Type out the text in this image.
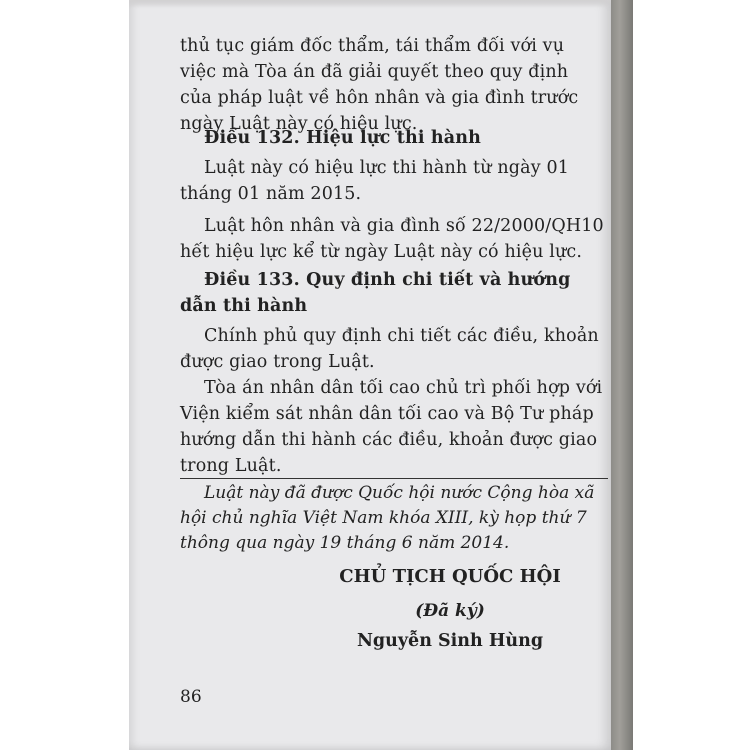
thủ tục giám đốc thẩm, tái thẩm đối với vụ việc mà Tòa án đã giải quyết theo quy định của pháp luật về hôn nhân và gia đình trước ngày Luật này có hiệu lực.
Điều 132. Hiệu lực thi hành
Luật này có hiệu lực thi hành từ ngày 01 tháng 01 năm 2015.
Luật hôn nhân và gia đình số 22/2000/QH10 hết hiệu lực kể từ ngày Luật này có hiệu lực.
Điều 133. Quy định chi tiết và hướng dẫn thi hành
Chính phủ quy định chi tiết các điều, khoản được giao trong Luật.
Tòa án nhân dân tối cao chủ trì phối hợp với Viện kiểm sát nhân dân tối cao và Bộ Tư pháp hướng dẫn thi hành các điều, khoản được giao trong Luật.
Luật này đã được Quốc hội nước Cộng hòa xã hội chủ nghĩa Việt Nam khóa XIII, kỳ họp thứ 7 thông qua ngày 19 tháng 6 năm 2014.
CHỦ TỊCH QUỐC HỘI
(Đã ký)
Nguyễn Sinh Hùng
86
